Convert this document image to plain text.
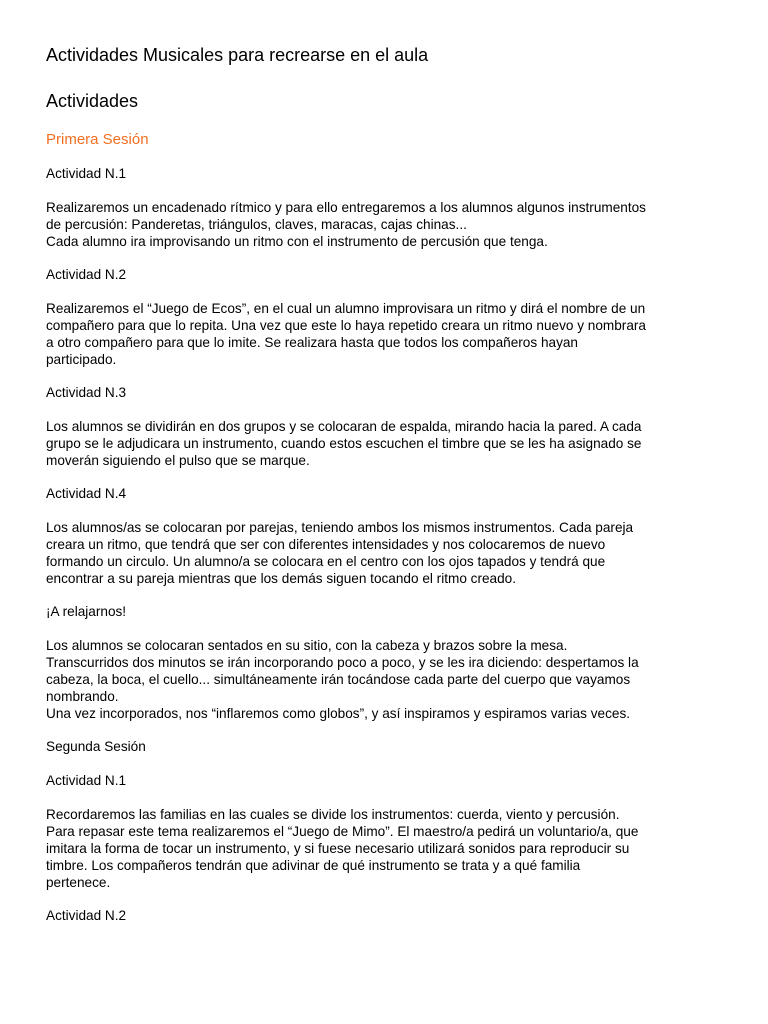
Actividades Musicales para recrearse en el aula
Actividades
Primera Sesión
Actividad N.1

Realizaremos un encadenado rítmico y para ello entregaremos a los alumnos algunos instrumentos
de percusión: Panderetas, triángulos, claves, maracas, cajas chinas...
Cada alumno ira improvisando un ritmo con el instrumento de percusión que tenga.

Actividad N.2

Realizaremos el “Juego de Ecos”, en el cual un alumno improvisara un ritmo y dirá el nombre de un
compañero para que lo repita. Una vez que este lo haya repetido creara un ritmo nuevo y nombrara
a otro compañero para que lo imite. Se realizara hasta que todos los compañeros hayan
participado.

Actividad N.3

Los alumnos se dividirán en dos grupos y se colocaran de espalda, mirando hacia la pared. A cada
grupo se le adjudicara un instrumento, cuando estos escuchen el timbre que se les ha asignado se
moverán siguiendo el pulso que se marque.

Actividad N.4

Los alumnos/as se colocaran por parejas, teniendo ambos los mismos instrumentos. Cada pareja
creara un ritmo, que tendrá que ser con diferentes intensidades y nos colocaremos de nuevo
formando un circulo. Un alumno/a se colocara en el centro con los ojos tapados y tendrá que
encontrar a su pareja mientras que los demás siguen tocando el ritmo creado.

¡A relajarnos!

Los alumnos se colocaran sentados en su sitio, con la cabeza y brazos sobre la mesa.
Transcurridos dos minutos se irán incorporando poco a poco, y se les ira diciendo: despertamos la
cabeza, la boca, el cuello... simultáneamente irán tocándose cada parte del cuerpo que vayamos
nombrando.
Una vez incorporados, nos “inflaremos como globos”, y así inspiramos y espiramos varias veces.

Segunda Sesión
Actividad N.1

Recordaremos las familias en las cuales se divide los instrumentos: cuerda, viento y percusión.
Para repasar este tema realizaremos el “Juego de Mimo”. El maestro/a pedirá un voluntario/a, que
imitara la forma de tocar un instrumento, y si fuese necesario utilizará sonidos para reproducir su
timbre. Los compañeros tendrán que adivinar de qué instrumento se trata y a qué familia
pertenece.

Actividad N.2
